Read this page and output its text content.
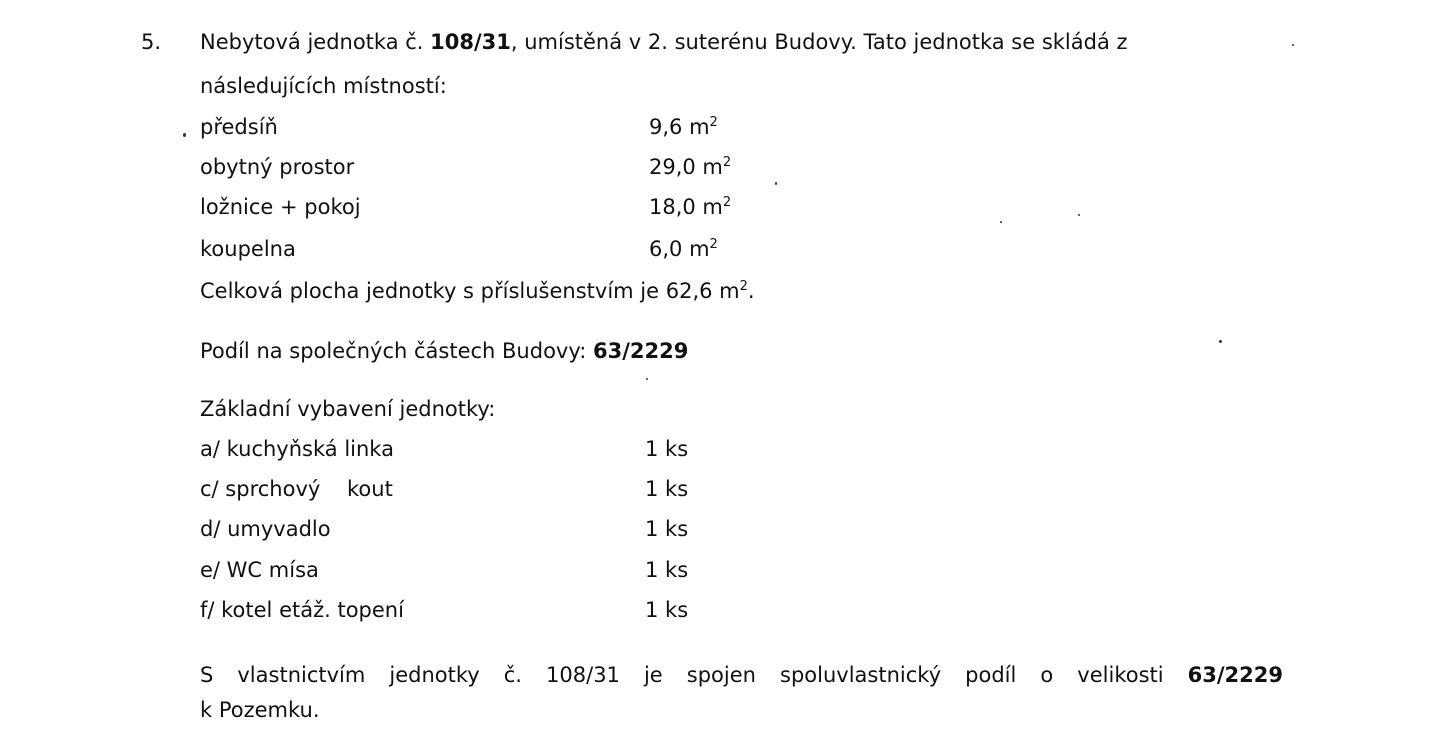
5. Nebytová jednotka č. 108/31, umístěná v 2. suterénu Budovy. Tato jednotka se skládá z
následujících místností:
předsíň	9,6 $m^2$
obytný prostor	29,0 $m^2$
ložnice + pokoj	18,0 $m^2$
koupelna	6,0 $m^2$
Celková plocha jednotky s příslušenstvím je 62,6 $m^2$.
Podíl na společných částech Budovy: 63/2229
Základní vybavení jednotky:
a/ kuchyňská linka	1 ks
c/ sprchový    kout	1 ks
d/ umyvadlo	1 ks
e/ WC mísa	1 ks
f/ kotel etáž. topení	1 ks
S vlastnictvím jednotky č. 108/31 je spojen spoluvlastnický podíl o velikosti 63/2229
k Pozemku.
